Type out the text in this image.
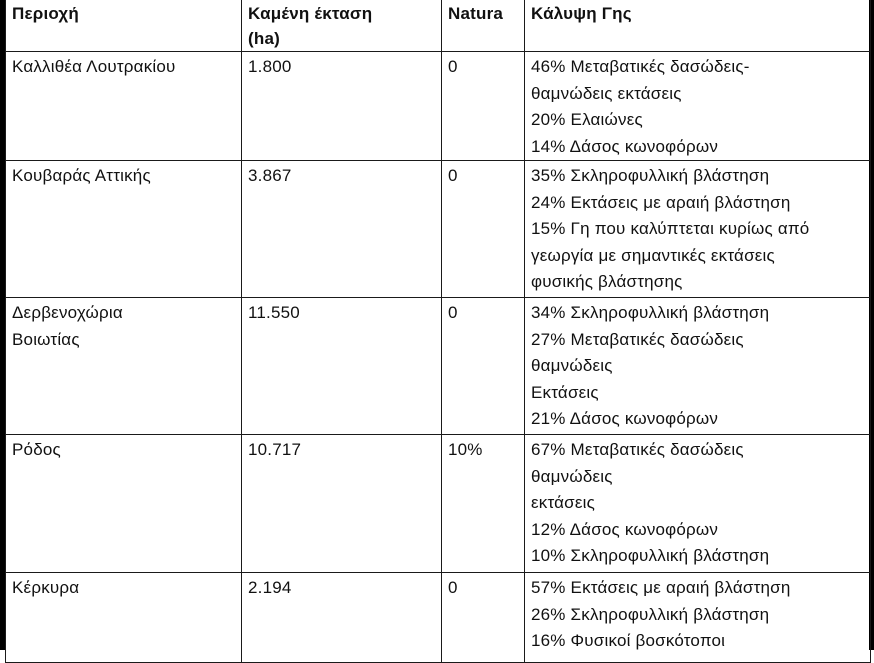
Περιοχή	Καμένη έκταση (ha)	Natura	Κάλυψη Γης
Καλλιθέα Λουτρακίου	1.800	0	46% Μεταβατικές δασώδεις-
θαμνώδεις εκτάσεις
20% Ελαιώνες
14% Δάσος κωνοφόρων

Κουβαράς Αττικής	3.867	0	35% Σκληροφυλλική βλάστηση
24% Εκτάσεις με αραιή βλάστηση
15% Γη που καλύπτεται κυρίως από
γεωργία με σημαντικές εκτάσεις
φυσικής βλάστησης

Δερβενοχώρια Βοιωτίας	11.550	0	34% Σκληροφυλλική βλάστηση
27% Μεταβατικές δασώδεις
θαμνώδεις
Εκτάσεις
21% Δάσος κωνοφόρων

Ρόδος	10.717	10%	67% Μεταβατικές δασώδεις
θαμνώδεις
εκτάσεις
12% Δάσος κωνοφόρων
10% Σκληροφυλλική βλάστηση

Κέρκυρα	2.194	0	57% Εκτάσεις με αραιή βλάστηση
26% Σκληροφυλλική βλάστηση
16% Φυσικοί βοσκότοποι
